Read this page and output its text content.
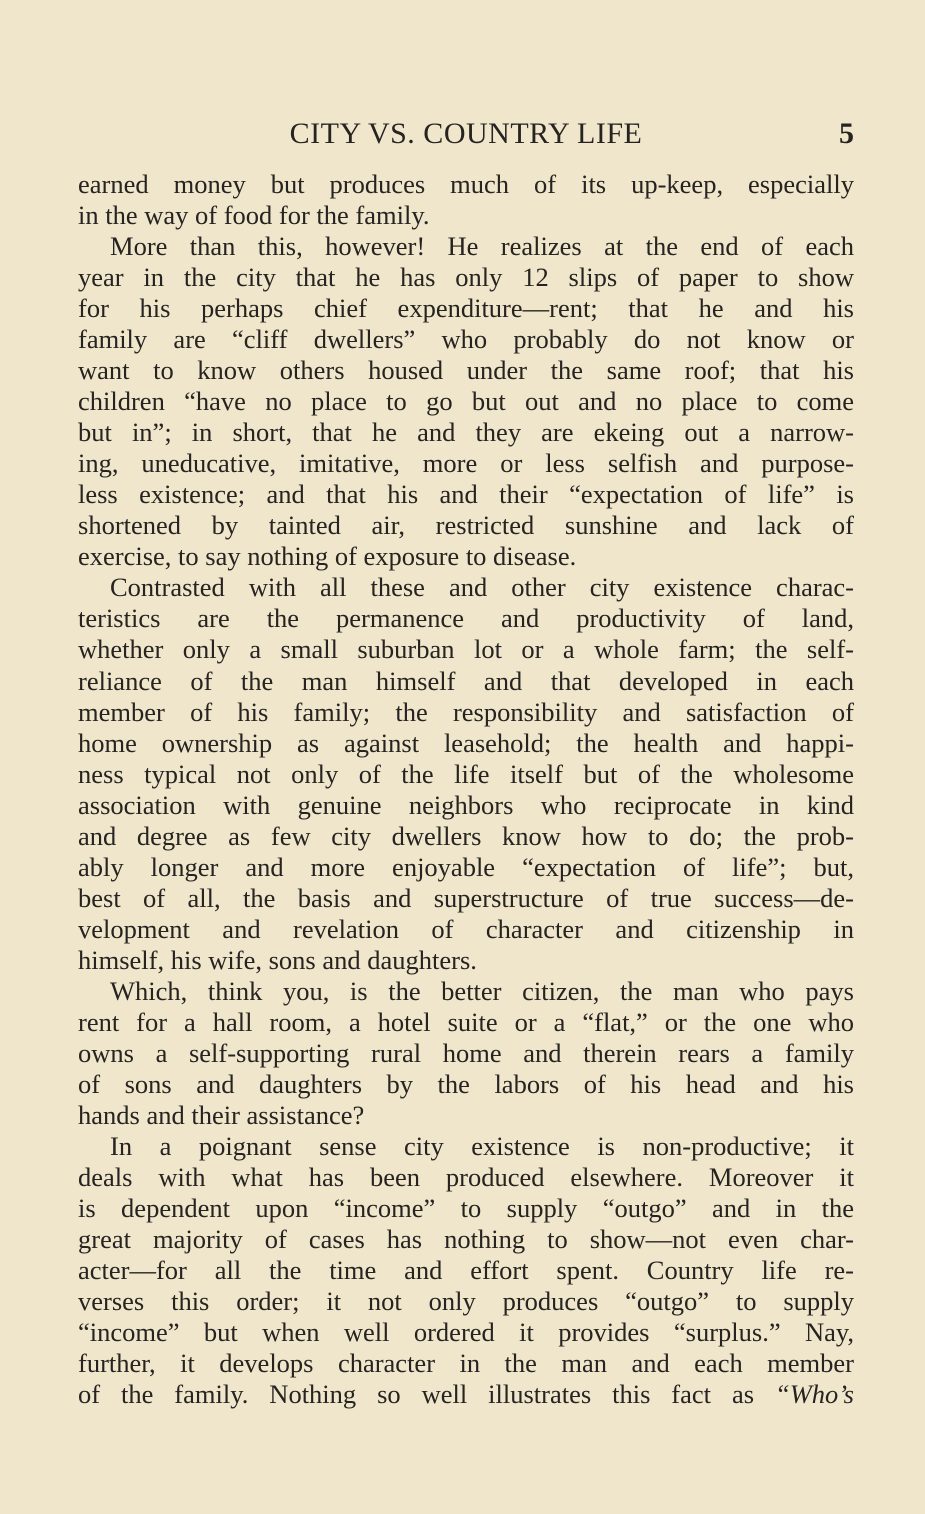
CITY VS. COUNTRY LIFE	5
earned money but produces much of its up-keep, especially
in the way of food for the family.
More than this, however! He realizes at the end of each
year in the city that he has only 12 slips of paper to show
for his perhaps chief expenditure—rent; that he and his
family are “cliff dwellers” who probably do not know or
want to know others housed under the same roof; that his
children “have no place to go but out and no place to come
but in”; in short, that he and they are ekeing out a narrow-
ing, uneducative, imitative, more or less selfish and purpose-
less existence; and that his and their “expectation of life” is
shortened by tainted air, restricted sunshine and lack of
exercise, to say nothing of exposure to disease.
Contrasted with all these and other city existence charac-
teristics are the permanence and productivity of land,
whether only a small suburban lot or a whole farm; the self-
reliance of the man himself and that developed in each
member of his family; the responsibility and satisfaction of
home ownership as against leasehold; the health and happi-
ness typical not only of the life itself but of the wholesome
association with genuine neighbors who reciprocate in kind
and degree as few city dwellers know how to do; the prob-
ably longer and more enjoyable “expectation of life”; but,
best of all, the basis and superstructure of true success—de-
velopment and revelation of character and citizenship in
himself, his wife, sons and daughters.
Which, think you, is the better citizen, the man who pays
rent for a hall room, a hotel suite or a “flat,” or the one who
owns a self-supporting rural home and therein rears a family
of sons and daughters by the labors of his head and his
hands and their assistance?
In a poignant sense city existence is non-productive; it
deals with what has been produced elsewhere. Moreover it
is dependent upon “income” to supply “outgo” and in the
great majority of cases has nothing to show—not even char-
acter—for all the time and effort spent. Country life re-
verses this order; it not only produces “outgo” to supply
“income” but when well ordered it provides “surplus.” Nay,
further, it develops character in the man and each member
of the family. Nothing so well illustrates this fact as “Who’s
